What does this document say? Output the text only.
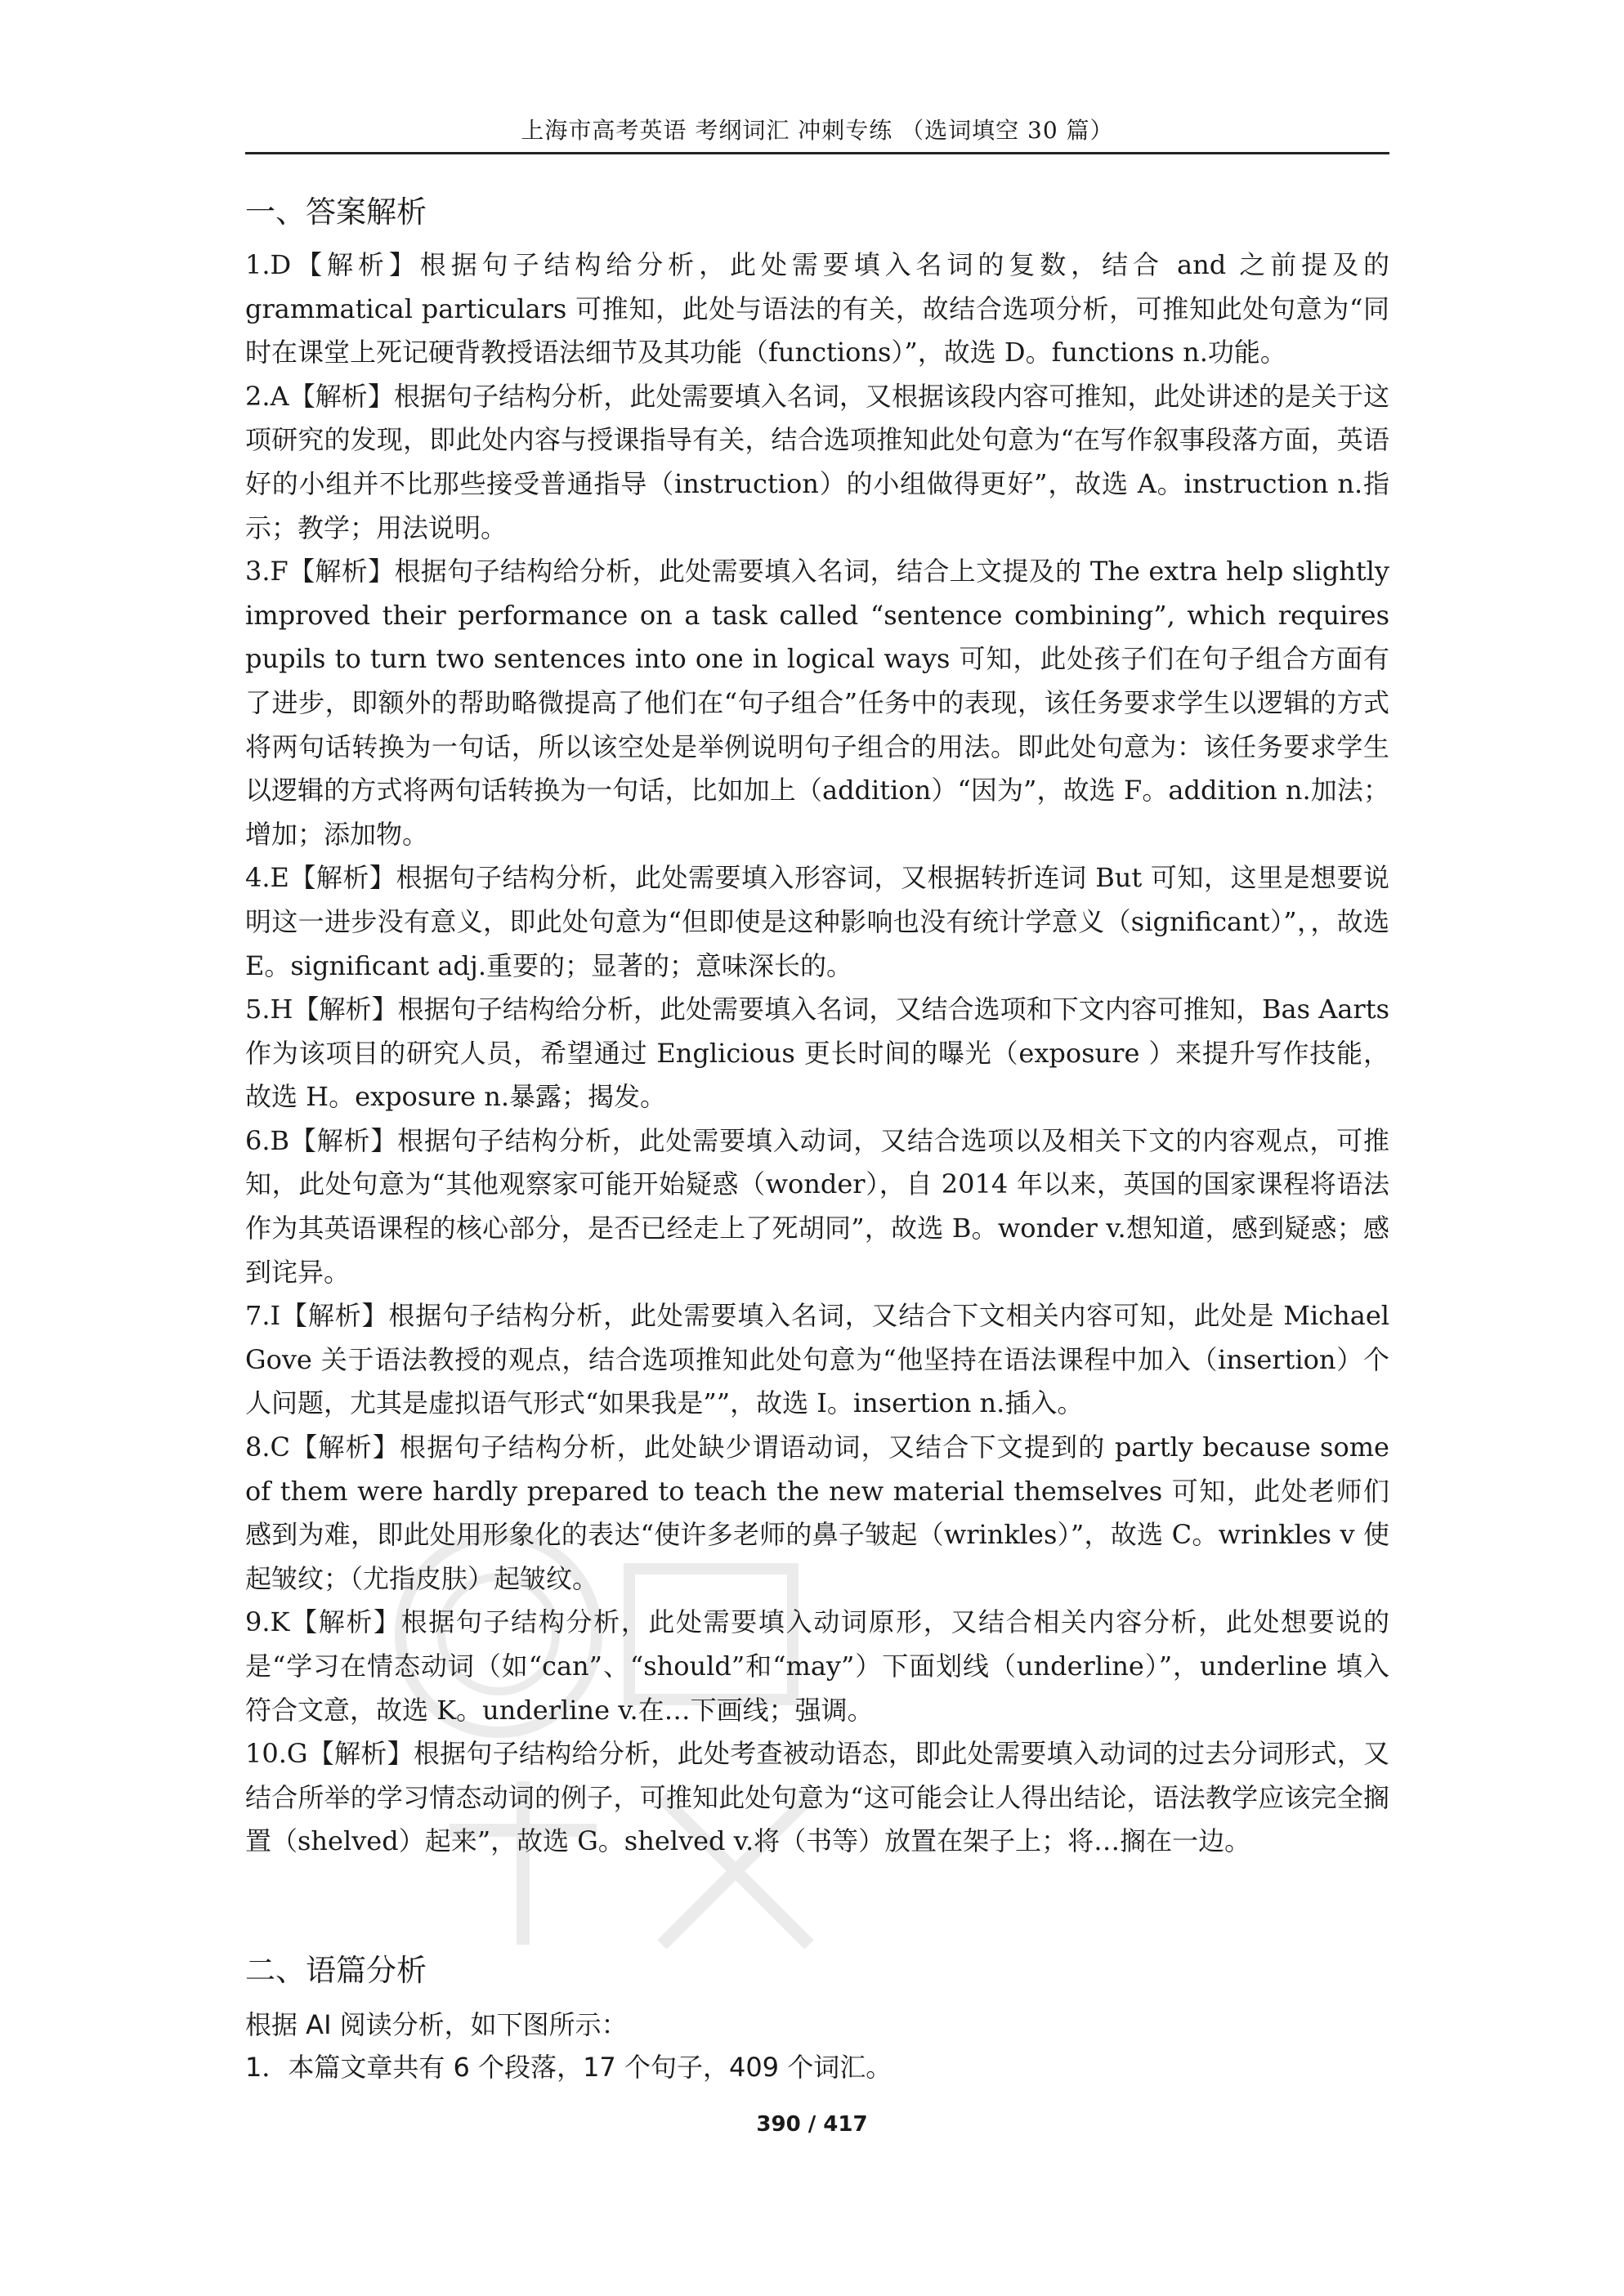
上海市高考英语 考纲词汇 冲刺专练 （选词填空 30 篇）
一、答案解析

1.D【解析】根据句子结构给分析，此处需要填入名词的复数，结合 and 之前提及的 grammatical particulars 可推知，此处与语法的有关，故结合选项分析，可推知此处句意为“同时在课堂上死记硬背教授语法细节及其功能（functions）”，故选 D。functions n.功能。

2.A【解析】根据句子结构分析，此处需要填入名词，又根据该段内容可推知，此处讲述的是关于这项研究的发现，即此处内容与授课指导有关，结合选项推知此处句意为“在写作叙事段落方面，英语好的小组并不比那些接受普通指导（instruction）的小组做得更好”，故选 A。instruction n.指示；教学；用法说明。

3.F【解析】根据句子结构给分析，此处需要填入名词，结合上文提及的 The extra help slightly improved their performance on a task called “sentence combining”, which requires pupils to turn two sentences into one in logical ways 可知，此处孩子们在句子组合方面有了进步，即额外的帮助略微提高了他们在“句子组合”任务中的表现，该任务要求学生以逻辑的方式将两句话转换为一句话，所以该空处是举例说明句子组合的用法。即此处句意为：该任务要求学生以逻辑的方式将两句话转换为一句话，比如加上（addition）“因为”，故选 F。addition n.加法；增加；添加物。

4.E【解析】根据句子结构分析，此处需要填入形容词，又根据转折连词 But 可知，这里是想要说明这一进步没有意义，即此处句意为“但即使是这种影响也没有统计学意义（significant）”，，故选 E。significant adj.重要的；显著的；意味深长的。

5.H【解析】根据句子结构给分析，此处需要填入名词，又结合选项和下文内容可推知，Bas Aarts 作为该项目的研究人员，希望通过 Englicious 更长时间的曝光（exposure ）来提升写作技能，故选 H。exposure n.暴露；揭发。

6.B【解析】根据句子结构分析，此处需要填入动词，又结合选项以及相关下文的内容观点，可推知，此处句意为“其他观察家可能开始疑惑（wonder），自 2014 年以来，英国的国家课程将语法作为其英语课程的核心部分，是否已经走上了死胡同”，故选 B。wonder v.想知道，感到疑惑；感到诧异。

7.I【解析】根据句子结构分析，此处需要填入名词，又结合下文相关内容可知，此处是 Michael Gove 关于语法教授的观点，结合选项推知此处句意为“他坚持在语法课程中加入（insertion）个人问题，尤其是虚拟语气形式“如果我是””，故选 I。insertion n.插入。

8.C【解析】根据句子结构分析，此处缺少谓语动词，又结合下文提到的 partly because some of them were hardly prepared to teach the new material themselves 可知，此处老师们感到为难，即此处用形象化的表达“使许多老师的鼻子皱起（wrinkles）”，故选 C。wrinkles v 使起皱纹；（尤指皮肤）起皱纹。

9.K【解析】根据句子结构分析，此处需要填入动词原形，又结合相关内容分析，此处想要说的是“学习在情态动词（如“can”、“should”和“may”）下面划线（underline）”，underline 填入符合文意，故选 K。underline v.在…下画线；强调。

10.G【解析】根据句子结构给分析，此处考查被动语态，即此处需要填入动词的过去分词形式，又结合所举的学习情态动词的例子，可推知此处句意为“这可能会让人得出结论，语法教学应该完全搁置（shelved）起来”，故选 G。shelved v.将（书等）放置在架子上；将…搁在一边。

二、语篇分析

根据 AI 阅读分析，如下图所示：

1．本篇文章共有 6 个段落，17 个句子，409 个词汇。

390 / 417
